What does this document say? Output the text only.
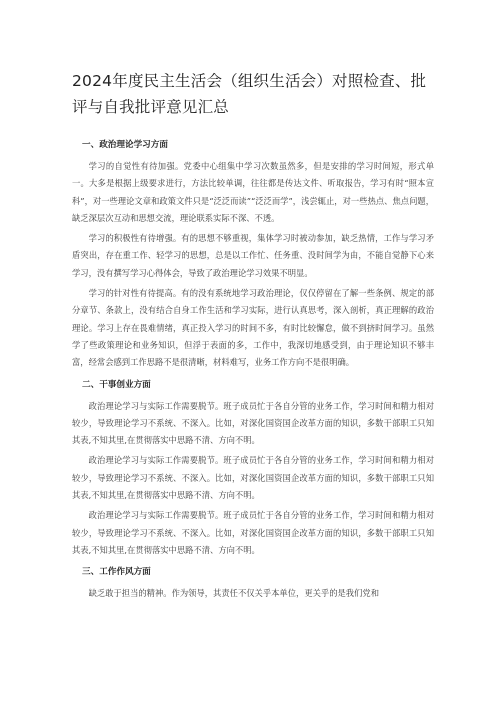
2024年度民主生活会（组织生活会）对照检查、批评与自我批评意见汇总
一、政治理论学习方面

学习的自觉性有待加强。党委中心组集中学习次数虽然多，但是安排的学习时间短，形式单一。大多是根据上级要求进行，方法比较单调，往往都是传达文件、听取报告，学习有时“照本宣科”，对一些理论文章和政策文件只是“泛泛而读”“泛泛而学”，浅尝辄止，对一些热点、焦点问题，缺乏深层次互动和思想交流，理论联系实际不深、不透。

学习的积极性有待增强。有的思想不够重视，集体学习时被动参加，缺乏热情，工作与学习矛盾突出，存在重工作、轻学习的思想，总是以工作忙、任务重、没时间学为由，不能自觉静下心来学习，没有撰写学习心得体会，导致了政治理论学习效果不明显。

学习的针对性有待提高。有的没有系统地学习政治理论，仅仅停留在了解一些条例、规定的部分章节、条款上，没有结合自身工作生活和学习实际，进行认真思考，深入剖析，真正理解的政治理论。学习上存在畏难情绪，真正投入学习的时间不多，有时比较懈怠，做不到挤时间学习。虽然学了些政策理论和业务知识，但浮于表面的多，工作中，我深切地感受到，由于理论知识不够丰富，经常会感到工作思路不是很清晰，材料难写，业务工作方向不是很明确。

二、干事创业方面

政治理论学习与实际工作需要脱节。班子成员忙于各自分管的业务工作，学习时间和精力相对较少，导致理论学习不系统、不深入。比如，对深化国资国企改革方面的知识，多数干部职工只知其表,不知其里,在贯彻落实中思路不清、方向不明。

政治理论学习与实际工作需要脱节。班子成员忙于各自分管的业务工作，学习时间和精力相对较少，导致理论学习不系统、不深入。比如，对深化国资国企改革方面的知识，多数干部职工只知其表,不知其里,在贯彻落实中思路不清、方向不明。

政治理论学习与实际工作需要脱节。班子成员忙于各自分管的业务工作，学习时间和精力相对较少，导致理论学习不系统、不深入。比如，对深化国资国企改革方面的知识，多数干部职工只知其表,不知其里,在贯彻落实中思路不清、方向不明。

三、工作作风方面

缺乏敢于担当的精神。作为领导，其责任不仅关乎本单位，更关乎的是我们党和
